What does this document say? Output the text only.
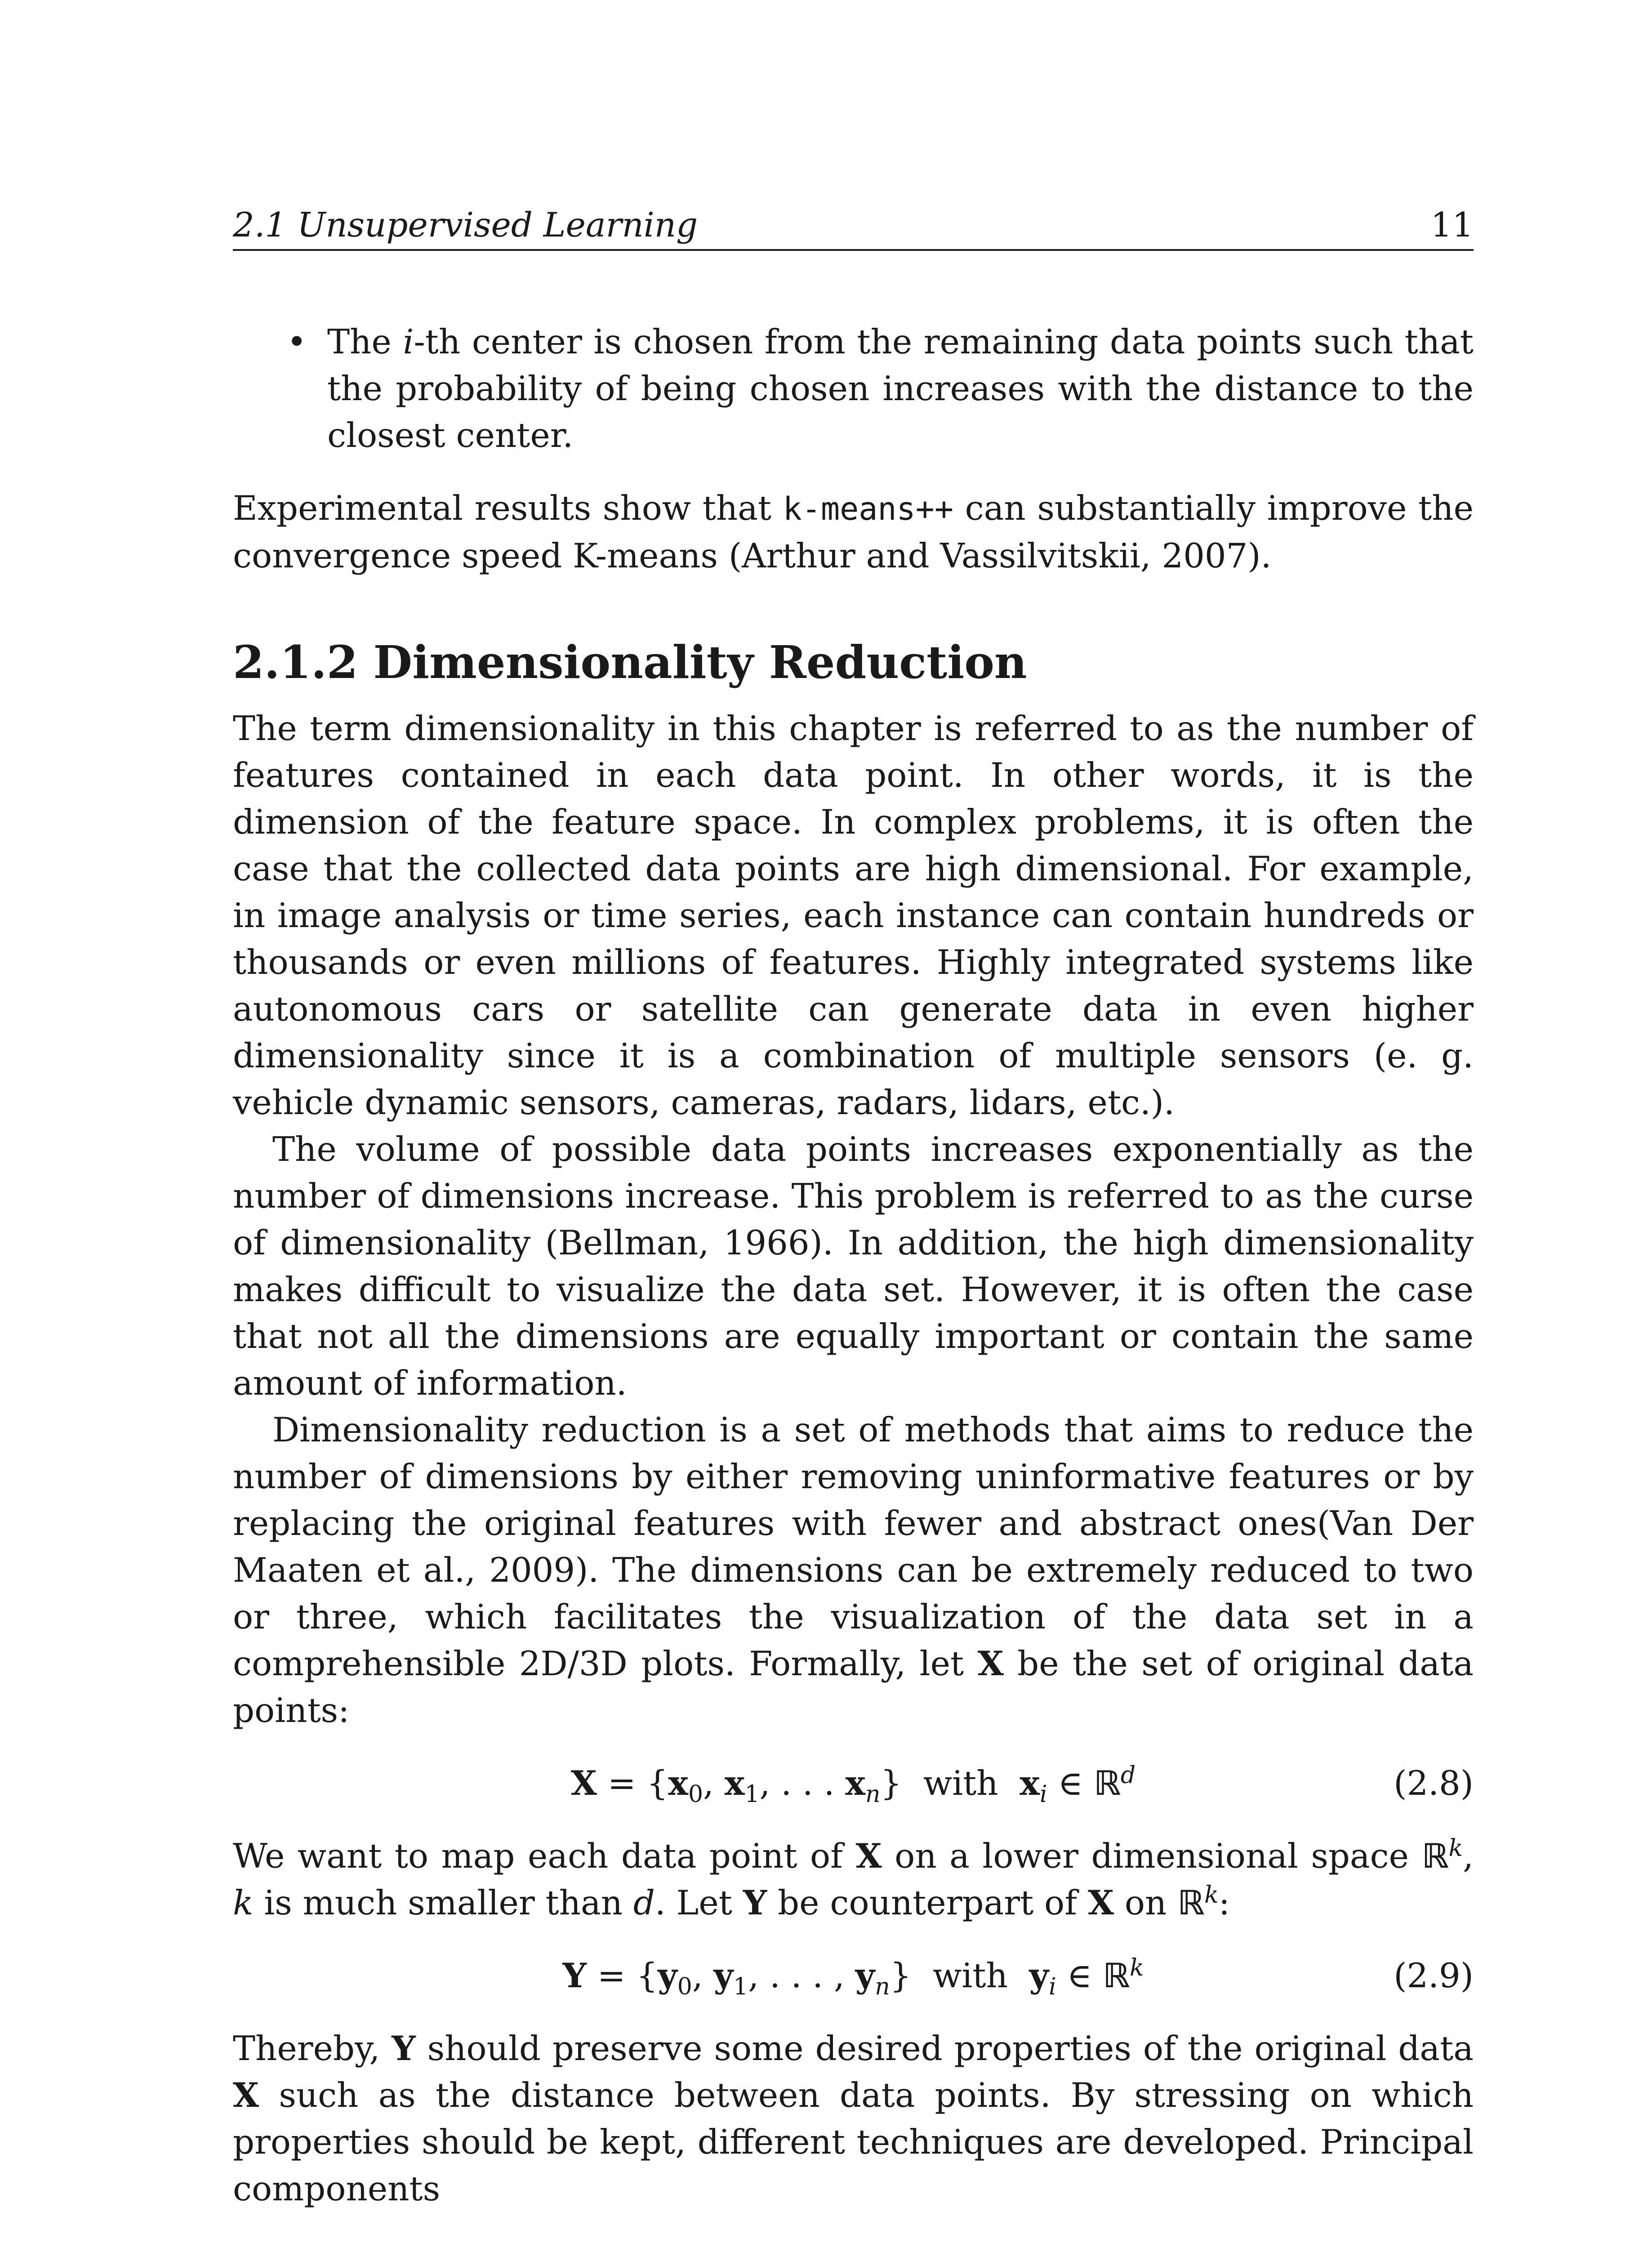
2.1 Unsupervised Learning	11
• The i-th center is chosen from the remaining data points such that the probability of being chosen increases with the distance to the closest center.

Experimental results show that k-means++ can substantially improve the convergence speed K-means (Arthur and Vassilvitskii, 2007).

2.1.2 Dimensionality Reduction

The term dimensionality in this chapter is referred to as the number of features contained in each data point. In other words, it is the dimension of the feature space. In complex problems, it is often the case that the collected data points are high dimensional. For example, in image analysis or time series, each instance can contain hundreds or thousands or even millions of features. Highly integrated systems like autonomous cars or satellite can generate data in even higher dimensionality since it is a combination of multiple sensors (e. g. vehicle dynamic sensors, cameras, radars, lidars, etc.).

The volume of possible data points increases exponentially as the number of dimensions increase. This problem is referred to as the curse of dimensionality (Bellman, 1966). In addition, the high dimensionality makes difficult to visualize the data set. However, it is often the case that not all the dimensions are equally important or contain the same amount of information.

Dimensionality reduction is a set of methods that aims to reduce the number of dimensions by either removing uninformative features or by replacing the original features with fewer and abstract ones(Van Der Maaten et al., 2009). The dimensions can be extremely reduced to two or three, which facilitates the visualization of the data set in a comprehensible 2D/3D plots. Formally, let X be the set of original data points:

$X = \{x_0$, $x_1$, . . . $x_n$} with $x_i$ ∈ ℝ$^d$	(2.8)

We want to map each data point of X on a lower dimensional space ℝ$^k$, k is much smaller than d. Let Y be counterpart of X on ℝ$^k$:

$Y = \{y_0$, $y_1$, . . . , $y_n$} with $y_i$ ∈ ℝ$^k$	(2.9)

Thereby, Y should preserve some desired properties of the original data X such as the distance between data points. By stressing on which properties should be kept, different techniques are developed. Principal components
